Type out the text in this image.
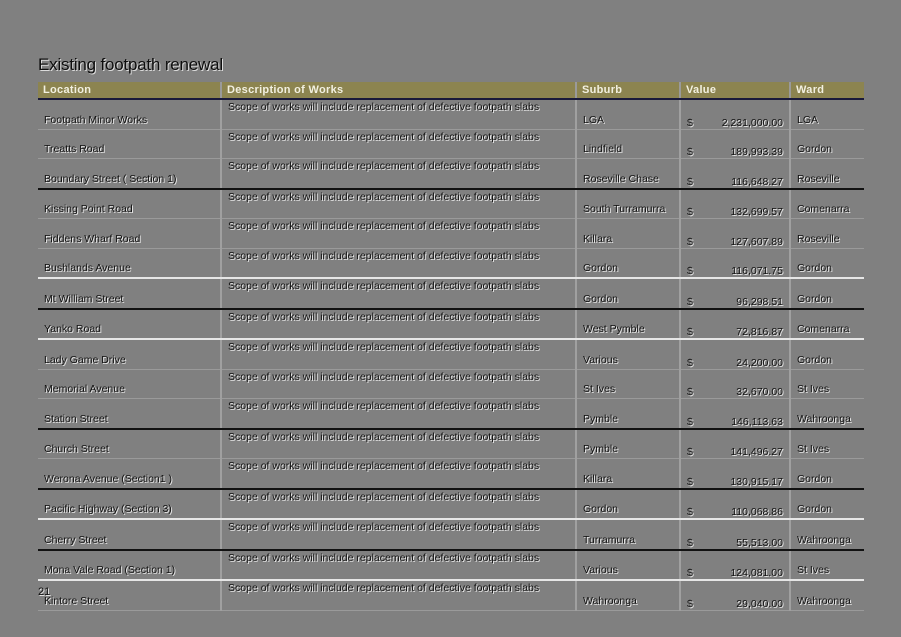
Existing footpath renewal
Location	Description of Works	Suburb	Value	Ward

Footpath Minor Works	Scope of works will include replacement of defective footpath slabs	LGA	$ 2,231,000.00	LGA

Treatts Road	Scope of works will include replacement of defective footpath slabs	Lindfield	$ 189,993.39	Gordon

Boundary Street ( Section 1)	Scope of works will include replacement of defective footpath slabs	Roseville Chase	$ 116,648.27	Roseville

Kissing Point Road	Scope of works will include replacement of defective footpath slabs	South Turramurra	$ 132,699.57	Comenarra

Fiddens Wharf Road	Scope of works will include replacement of defective footpath slabs	Killara	$ 127,607.89	Roseville

Bushlands Avenue	Scope of works will include replacement of defective footpath slabs	Gordon	$ 116,071.75	Gordon

Mt William Street	Scope of works will include replacement of defective footpath slabs	Gordon	$ 96,298.51	Gordon

Yanko Road	Scope of works will include replacement of defective footpath slabs	West Pymble	$ 72,816.87	Comenarra

Lady Game Drive	Scope of works will include replacement of defective footpath slabs	Various	$ 24,200.00	Gordon

Memorial Avenue	Scope of works will include replacement of defective footpath slabs	St Ives	$ 32,670.00	St Ives

Station Street	Scope of works will include replacement of defective footpath slabs	Pymble	$ 146,113.63	Wahroonga

Church Street	Scope of works will include replacement of defective footpath slabs	Pymble	$ 141,496.27	St Ives

Werona Avenue (Section1 )	Scope of works will include replacement of defective footpath slabs	Killara	$ 130,915.17	Gordon

Pacific Highway (Section 3)	Scope of works will include replacement of defective footpath slabs	Gordon	$ 110,068.86	Gordon

Cherry Street	Scope of works will include replacement of defective footpath slabs	Turramurra	$ 55,513.00	Wahroonga

Mona Vale Road (Section 1)	Scope of works will include replacement of defective footpath slabs	Various	$ 124,081.00	St Ives

Kintore Street	Scope of works will include replacement of defective footpath slabs	Wahroonga	$ 29,040.00	Wahroonga
21
